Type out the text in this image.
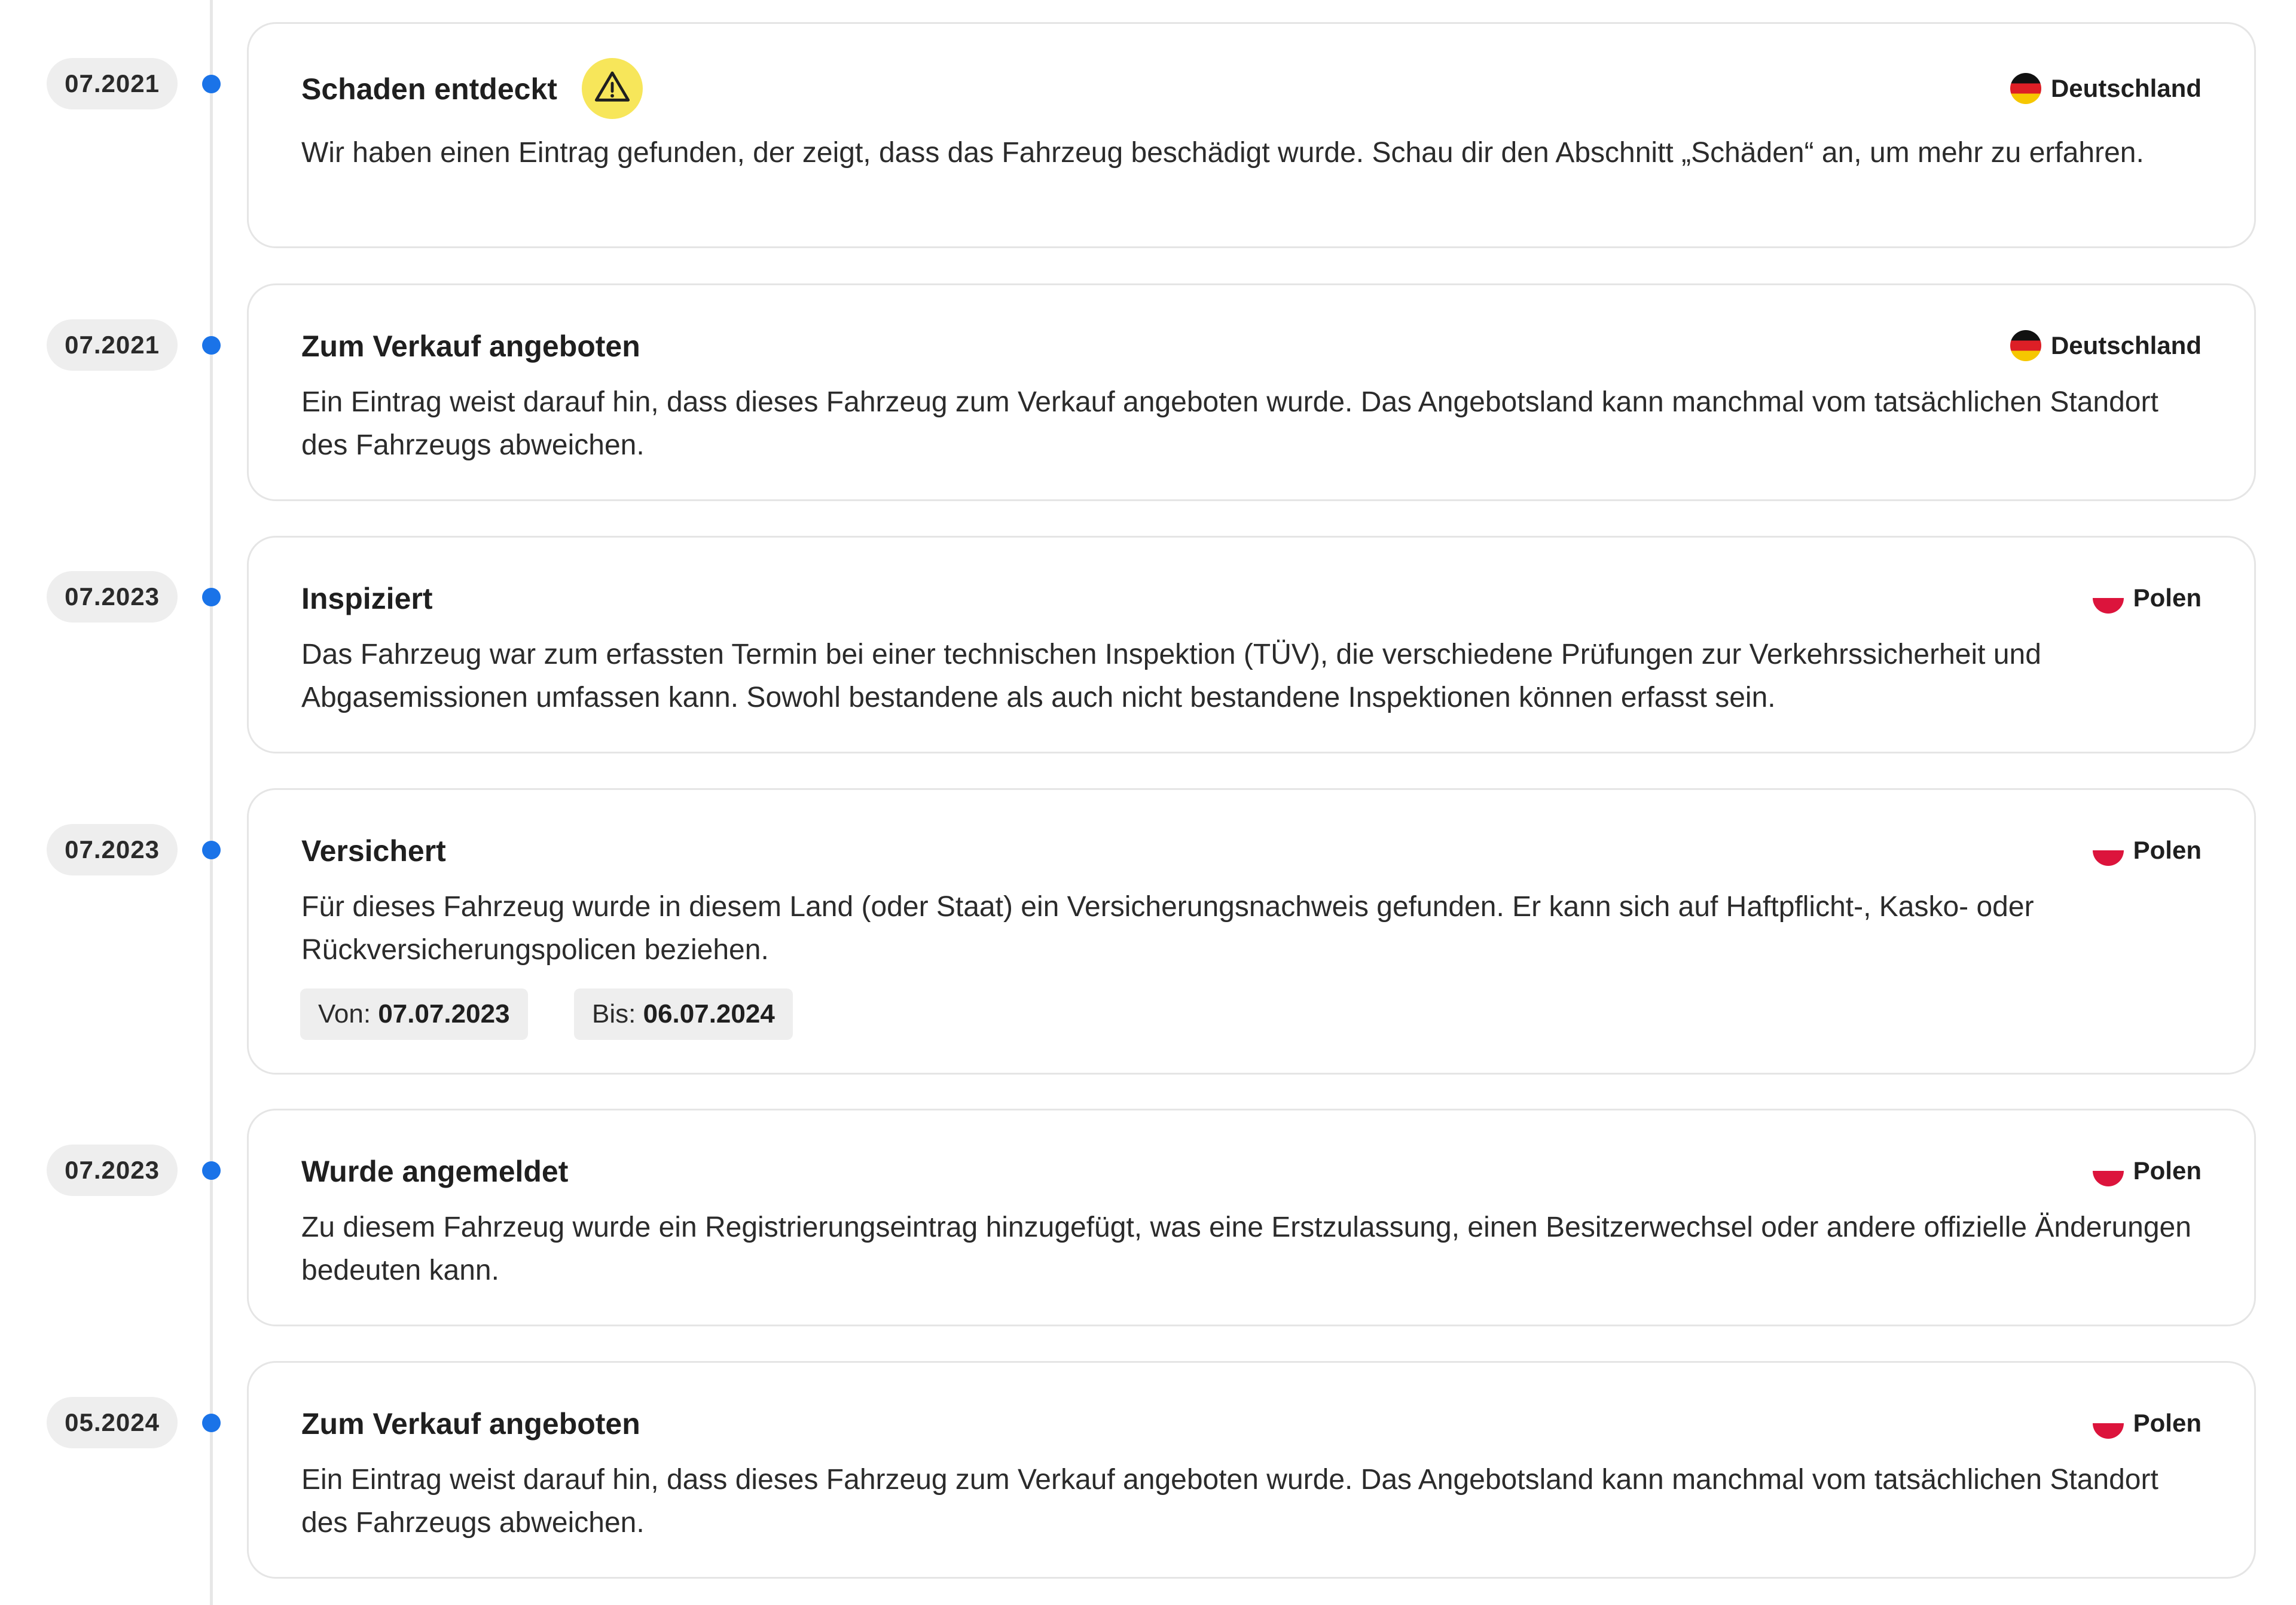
07.2021	Schaden entdeckt	Deutschland
Wir haben einen Eintrag gefunden, der zeigt, dass das Fahrzeug beschädigt wurde. Schau dir den Abschnitt „Schäden“ an, um mehr zu erfahren.
07.2021	Zum Verkauf angeboten	Deutschland
Ein Eintrag weist darauf hin, dass dieses Fahrzeug zum Verkauf angeboten wurde. Das Angebotsland kann manchmal vom tatsächlichen Standort des Fahrzeugs abweichen.
07.2023	Inspiziert	Polen
Das Fahrzeug war zum erfassten Termin bei einer technischen Inspektion (TÜV), die verschiedene Prüfungen zur Verkehrssicherheit und Abgasemissionen umfassen kann. Sowohl bestandene als auch nicht bestandene Inspektionen können erfasst sein.
07.2023	Versichert	Polen
Für dieses Fahrzeug wurde in diesem Land (oder Staat) ein Versicherungsnachweis gefunden. Er kann sich auf Haftpflicht-, Kasko- oder Rückversicherungspolicen beziehen.
Von: 07.07.2023	Bis: 06.07.2024
07.2023	Wurde angemeldet	Polen
Zu diesem Fahrzeug wurde ein Registrierungseintrag hinzugefügt, was eine Erstzulassung, einen Besitzerwechsel oder andere offizielle Änderungen bedeuten kann.
05.2024	Zum Verkauf angeboten	Polen
Ein Eintrag weist darauf hin, dass dieses Fahrzeug zum Verkauf angeboten wurde. Das Angebotsland kann manchmal vom tatsächlichen Standort des Fahrzeugs abweichen.
